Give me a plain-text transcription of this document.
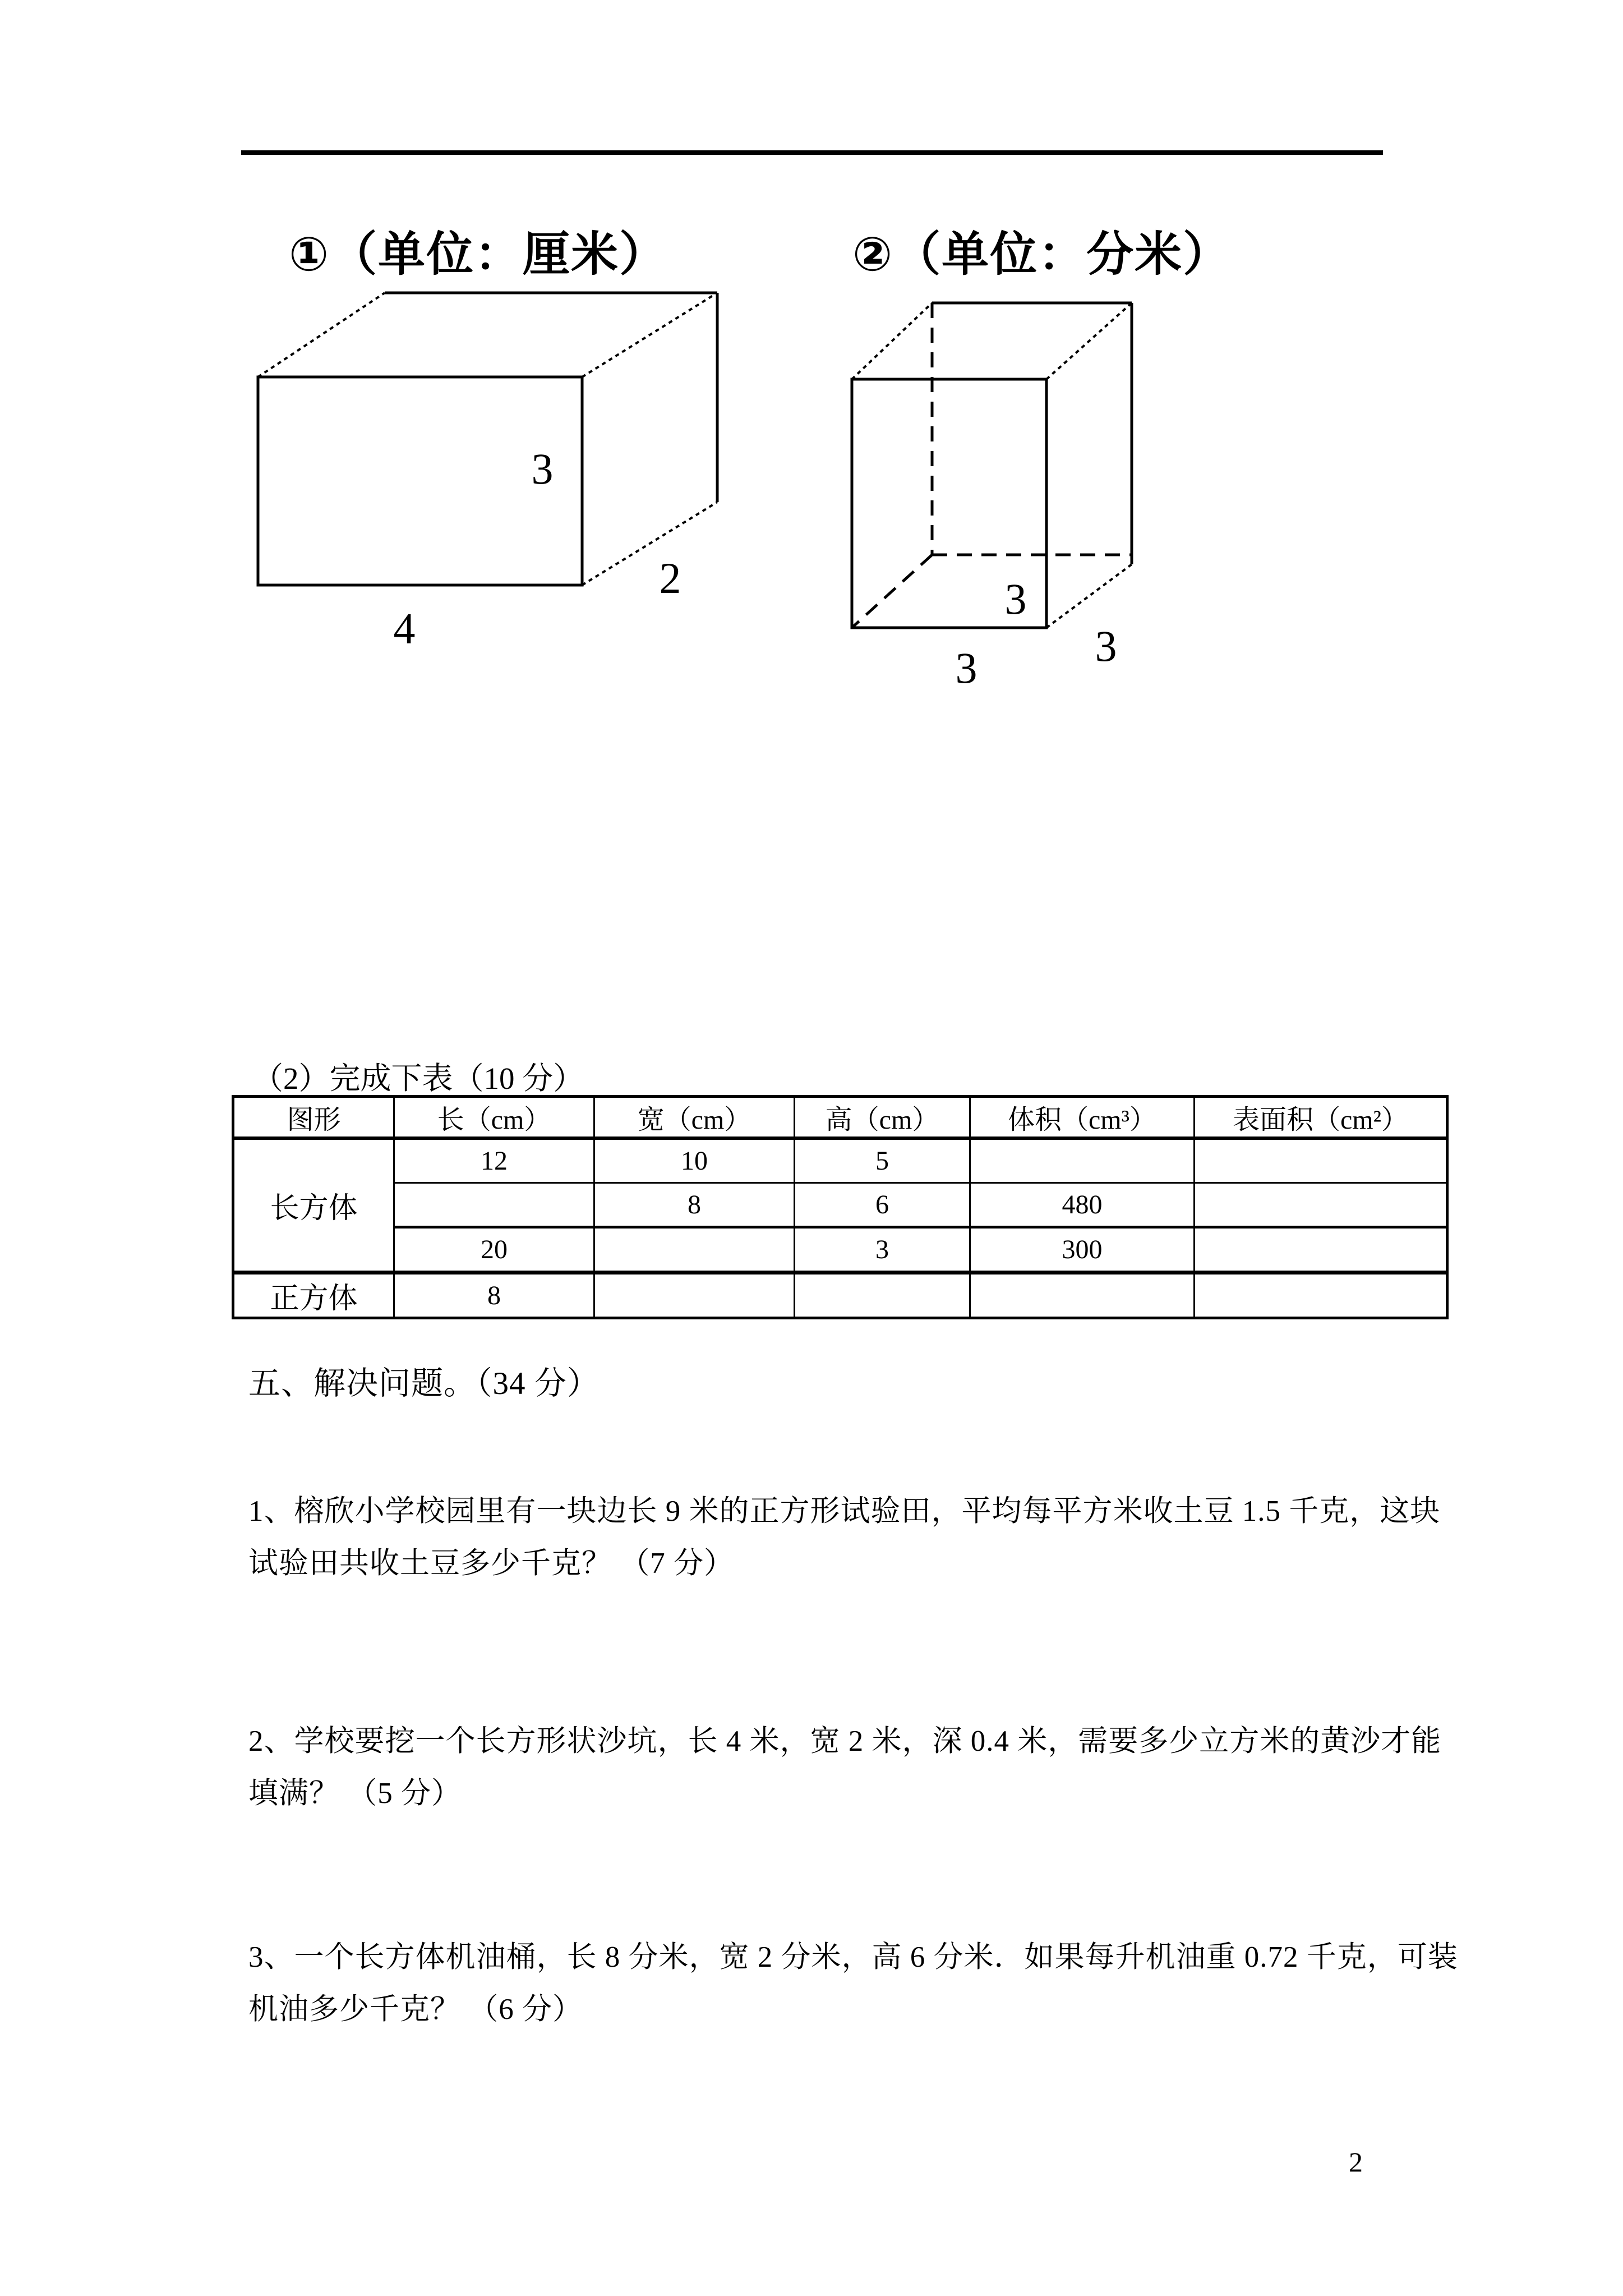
①（单位：厘米）
3
2
4
②（单位：分米）
3
3
3
（2）完成下表（10 分）
图形	长（cm）	宽（cm）	高（cm）	体积（cm³）	表面积（cm²）
长方体	12	10	5		
		8	6	480	
	20		3	300	
正方体	8				
五、解决问题。（34 分）
1、榕欣小学校园里有一块边长 9 米的正方形试验田，平均每平方米收土豆 1.5 千克，这块
试验田共收土豆多少千克？ （7 分）
2、学校要挖一个长方形状沙坑，长 4 米，宽 2 米，深 0.4 米，需要多少立方米的黄沙才能
填满？ （5 分）
3、一个长方体机油桶，长 8 分米，宽 2 分米，高 6 分米．如果每升机油重 0.72 千克，可装
机油多少千克？ （6 分）
2
